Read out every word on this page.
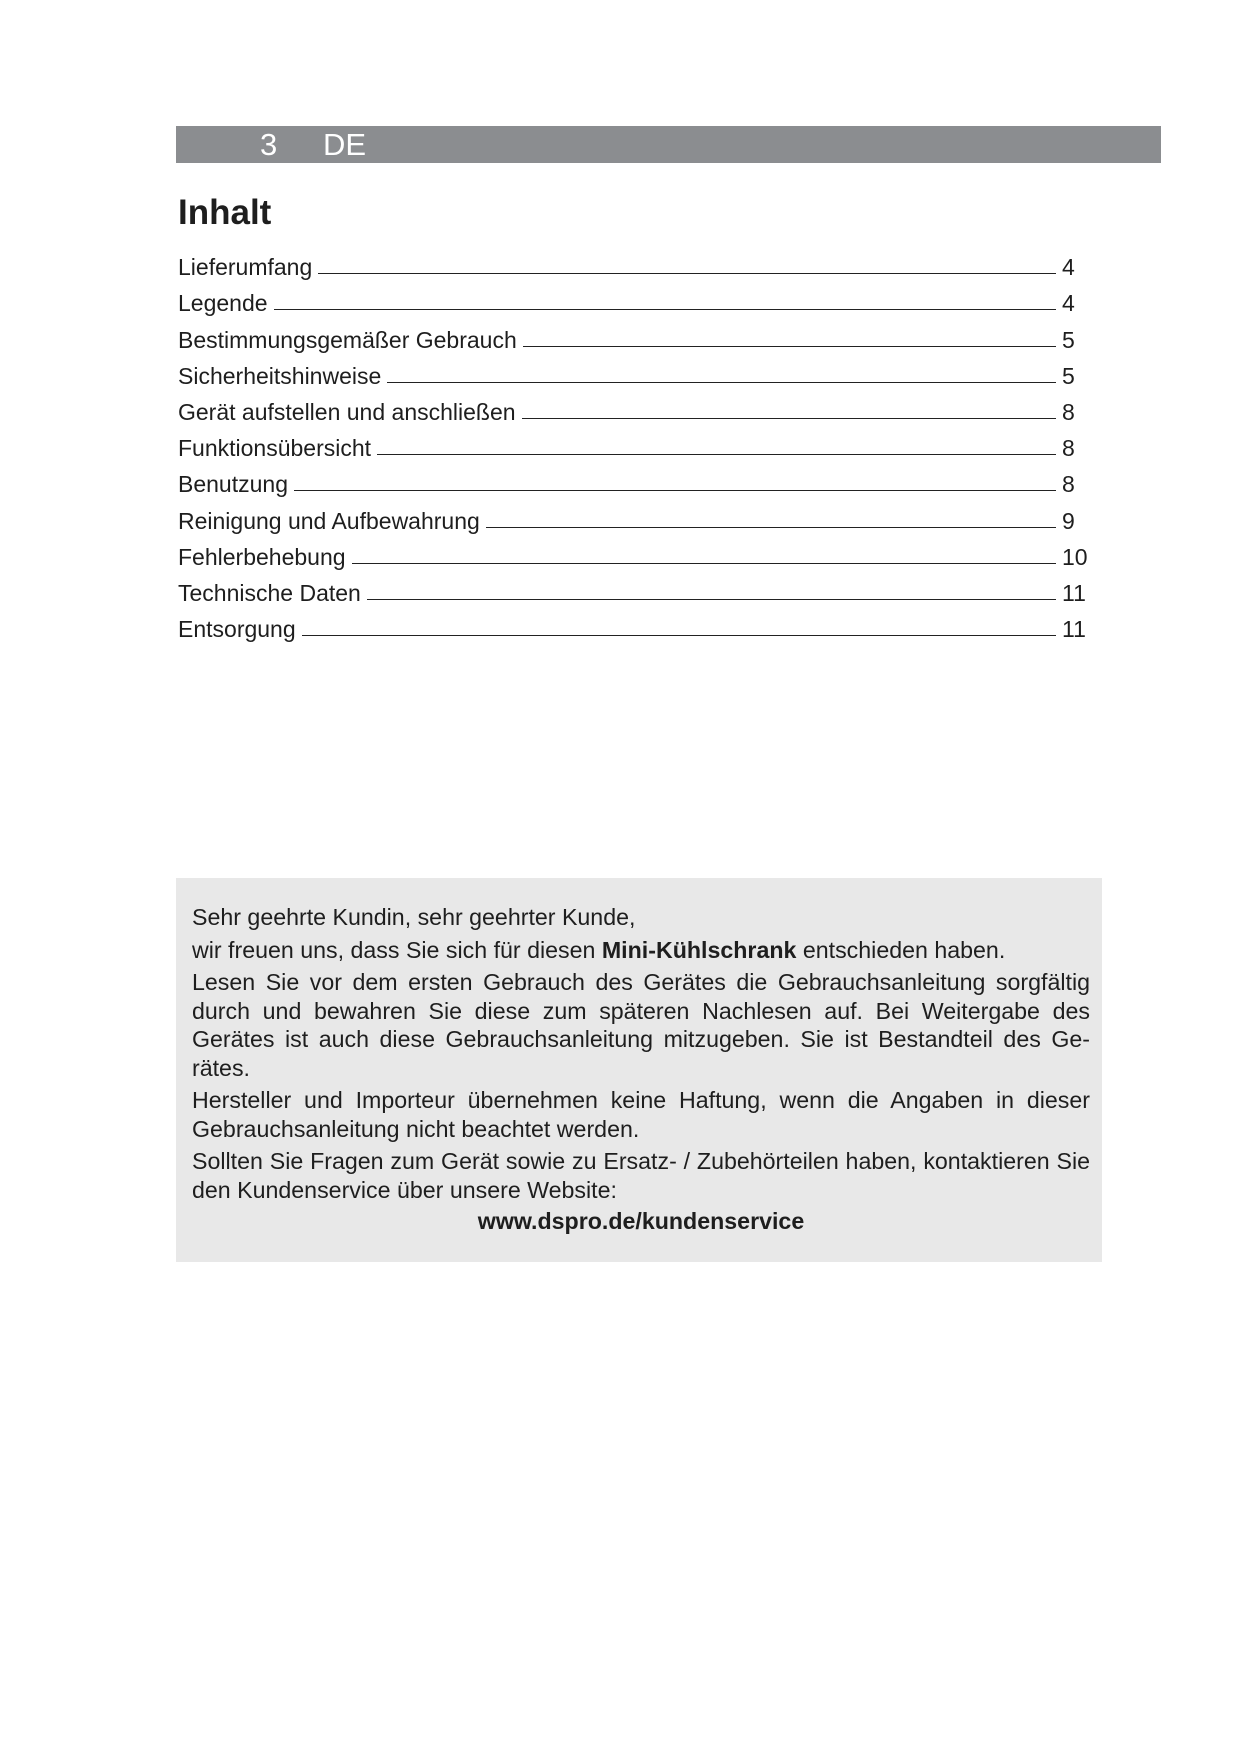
3 DE
Inhalt
Lieferumfang	4
Legende	4
Bestimmungsgemäßer Gebrauch	5
Sicherheitshinweise	5
Gerät aufstellen und anschließen	8
Funktionsübersicht	8
Benutzung	8
Reinigung und Aufbewahrung	9
Fehlerbehebung	10
Technische Daten	11
Entsorgung	11

Sehr geehrte Kundin, sehr geehrter Kunde,

wir freuen uns, dass Sie sich für diesen Mini-Kühlschrank entschieden haben.

Lesen Sie vor dem ersten Gebrauch des Gerätes die Gebrauchsanleitung sorgfältig durch und bewahren Sie diese zum späteren Nachlesen auf. Bei Weitergabe des Gerätes ist auch diese Gebrauchsanleitung mitzugeben. Sie ist Bestandteil des Ge-rätes.

Hersteller und Importeur übernehmen keine Haftung, wenn die Angaben in dieser Gebrauchsanleitung nicht beachtet werden.

Sollten Sie Fragen zum Gerät sowie zu Ersatz- / Zubehörteilen haben, kontaktieren Sie den Kundenservice über unsere Website:

www.dspro.de/kundenservice
